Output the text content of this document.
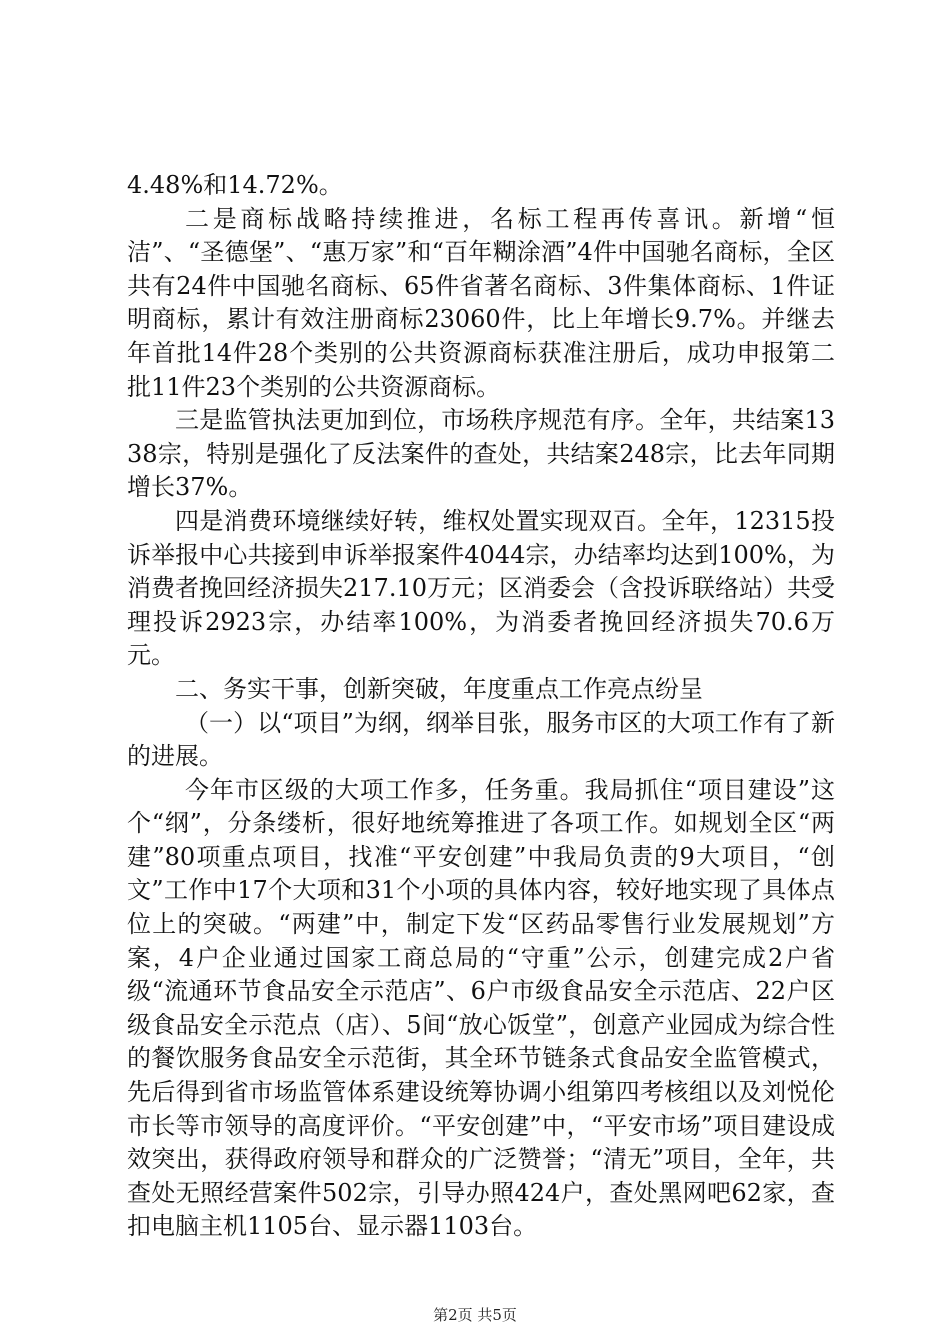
4.48%和14.72%。

二是商标战略持续推进，名标工程再传喜讯。新增“恒洁”、“圣德堡”、“惠万家”和“百年糊涂酒”4件中国驰名商标，全区共有24件中国驰名商标、65件省著名商标、3件集体商标、1件证明商标，累计有效注册商标23060件，比上年增长9.7%。并继去年首批14件28个类别的公共资源商标获准注册后，成功申报第二批11件23个类别的公共资源商标。

三是监管执法更加到位，市场秩序规范有序。全年，共结案1338宗，特别是强化了反法案件的查处，共结案248宗，比去年同期增长37%。

四是消费环境继续好转，维权处置实现双百。全年，12315投诉举报中心共接到申诉举报案件4044宗，办结率均达到100%，为消费者挽回经济损失217.10万元；区消委会（含投诉联络站）共受理投诉2923宗，办结率100%，为消委者挽回经济损失70.6万元。

二、务实干事，创新突破，年度重点工作亮点纷呈

（一）以“项目”为纲，纲举目张，服务市区的大项工作有了新的进展。

今年市区级的大项工作多，任务重。我局抓住“项目建设”这个“纲”，分条缕析，很好地统筹推进了各项工作。如规划全区“两建”80项重点项目，找准“平安创建”中我局负责的9大项目，“创文”工作中17个大项和31个小项的具体内容，较好地实现了具体点位上的突破。“两建”中，制定下发“区药品零售行业发展规划”方案，4户企业通过国家工商总局的“守重”公示，创建完成2户省级“流通环节食品安全示范店”、6户市级食品安全示范店、22户区级食品安全示范点（店）、5间“放心饭堂”，创意产业园成为综合性的餐饮服务食品安全示范街，其全环节链条式食品安全监管模式，先后得到省市场监管体系建设统筹协调小组第四考核组以及刘悦伦市长等市领导的高度评价。“平安创建”中，“平安市场”项目建设成效突出，获得政府领导和群众的广泛赞誉；“清无”项目，全年，共查处无照经营案件502宗，引导办照424户，查处黑网吧62家，查扣电脑主机1105台、显示器1103台。

第2页 共5页
